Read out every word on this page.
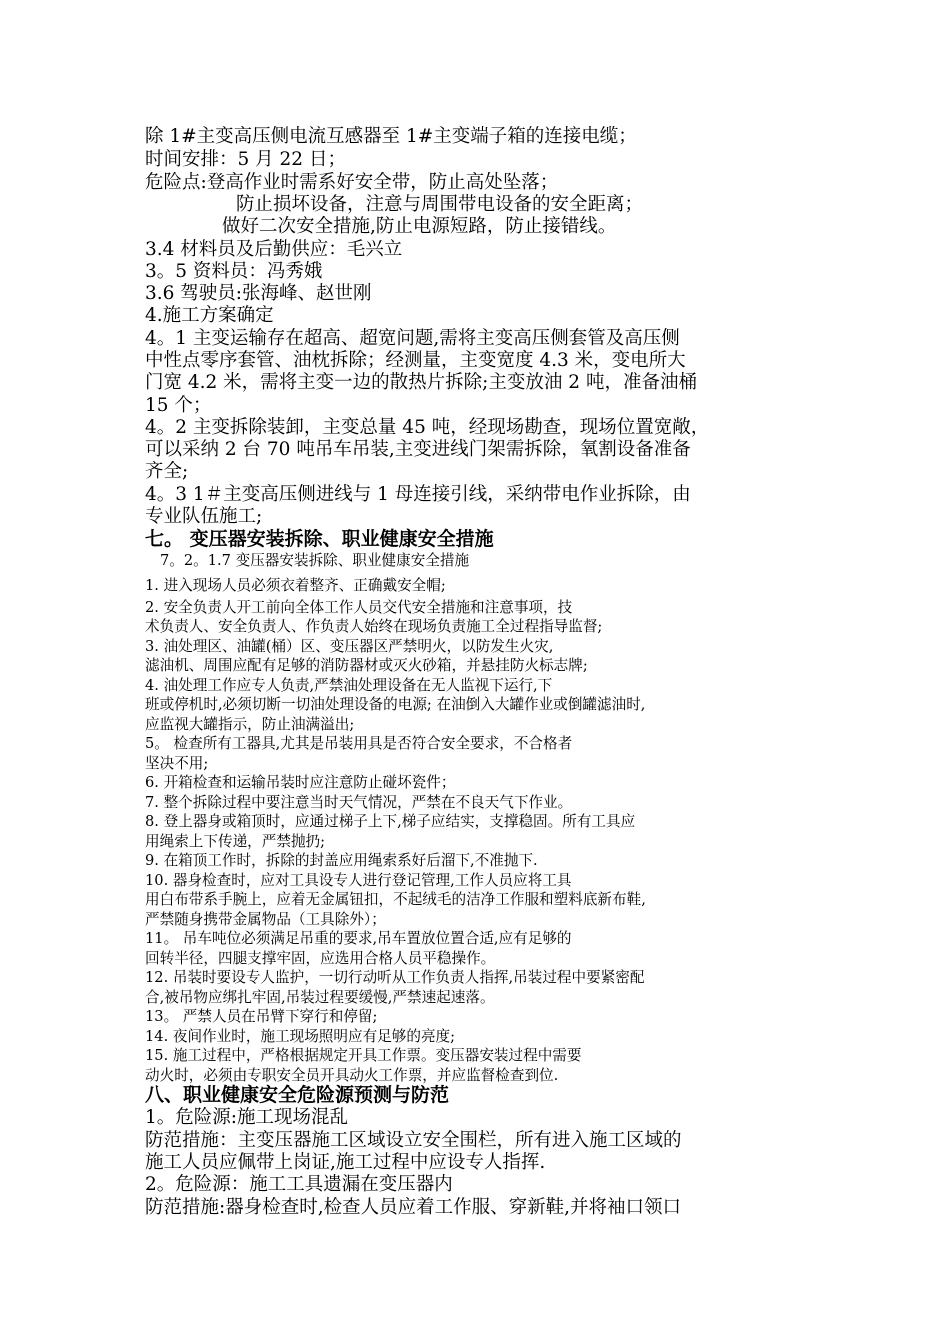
除 1#主变高压侧电流互感器至 1#主变端子箱的连接电缆；
时间安排：5 月 22 日；
危险点:登高作业时需系好安全带，防止高处坠落；
防止损坏设备，注意与周围带电设备的安全距离；
做好二次安全措施,防止电源短路，防止接错线。
3.4 材料员及后勤供应：毛兴立
3。5 资料员：冯秀娥
3.6 驾驶员:张海峰、赵世刚
4.施工方案确定
4。1 主变运输存在超高、超宽问题,需将主变高压侧套管及高压侧
中性点零序套管、油枕拆除；经测量，主变宽度 4.3 米，变电所大
门宽 4.2 米，需将主变一边的散热片拆除;主变放油 2 吨，准备油桶
15 个；
4。2 主变拆除装卸，主变总量 45 吨，经现场勘查，现场位置宽敞，
可以采纳 2 台 70 吨吊车吊装,主变进线门架需拆除，氧割设备准备
齐全;
4。3 1＃主变高压侧进线与 1 母连接引线，采纳带电作业拆除，由
专业队伍施工;
七。 变压器安装拆除、职业健康安全措施
7。2。1.7 变压器安装拆除、职业健康安全措施
1. 进入现场人员必须衣着整齐、正确戴安全帽;
2. 安全负责人开工前向全体工作人员交代安全措施和注意事项，技
术负责人、安全负责人、作负责人始终在现场负责施工全过程指导监督;
3. 油处理区、油罐(桶）区、变压器区严禁明火，以防发生火灾,
滤油机、周围应配有足够的消防器材或灭火砂箱，并悬挂防火标志牌;
4. 油处理工作应专人负责,严禁油处理设备在无人监视下运行,下
班或停机时,必须切断一切油处理设备的电源; 在油倒入大罐作业或倒罐滤油时,
应监视大罐指示，防止油满溢出;
5。 检查所有工器具,尤其是吊装用具是否符合安全要求，不合格者
坚决不用;
6. 开箱检查和运输吊装时应注意防止碰坏瓷件；
7. 整个拆除过程中要注意当时天气情况，严禁在不良天气下作业。
8. 登上器身或箱顶时，应通过梯子上下,梯子应结实，支撑稳固。所有工具应
用绳索上下传递，严禁抛扔;
9. 在箱顶工作时，拆除的封盖应用绳索系好后溜下,不准抛下.
10. 器身检查时，应对工具设专人进行登记管理,工作人员应将工具
用白布带系手腕上，应着无金属钮扣，不起绒毛的洁净工作服和塑料底新布鞋,
严禁随身携带金属物品（工具除外）；
11。 吊车吨位必须满足吊重的要求,吊车置放位置合适,应有足够的
回转半径，四腿支撑牢固，应选用合格人员平稳操作。
12. 吊装时要设专人监护，一切行动听从工作负责人指挥,吊装过程中要紧密配
合,被吊物应绑扎牢固,吊装过程要缓慢,严禁速起速落。
13。 严禁人员在吊臂下穿行和停留;
14. 夜间作业时，施工现场照明应有足够的亮度;
15. 施工过程中，严格根据规定开具工作票。变压器安装过程中需要
动火时，必须由专职安全员开具动火工作票，并应监督检查到位.
八、职业健康安全危险源预测与防范
1。危险源:施工现场混乱
防范措施：主变压器施工区域设立安全围栏，所有进入施工区域的
施工人员应佩带上岗证,施工过程中应设专人指挥.
2。危险源：施工工具遗漏在变压器内
防范措施:器身检查时,检查人员应着工作服、穿新鞋,并将袖口领口
